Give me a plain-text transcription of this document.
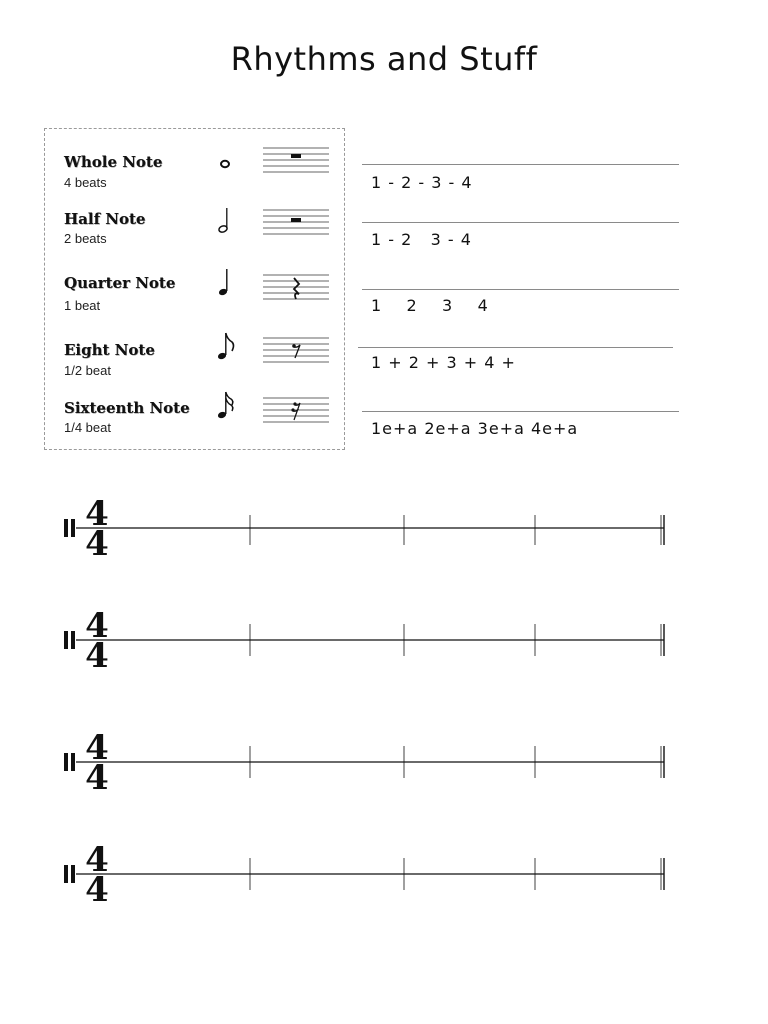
Rhythms and Stuff
Whole Note
4 beats
Half Note
2 beats
Quarter Note
1 beat
Eight Note
1/2 beat
Sixteenth Note
1/4 beat
1 - 2 - 3 - 4
1 - 2   3 - 4
1    2    3    4
1 + 2 + 3 + 4 +
1e+a 2e+a 3e+a 4e+a
4
4
4
4
4
4
4
4
